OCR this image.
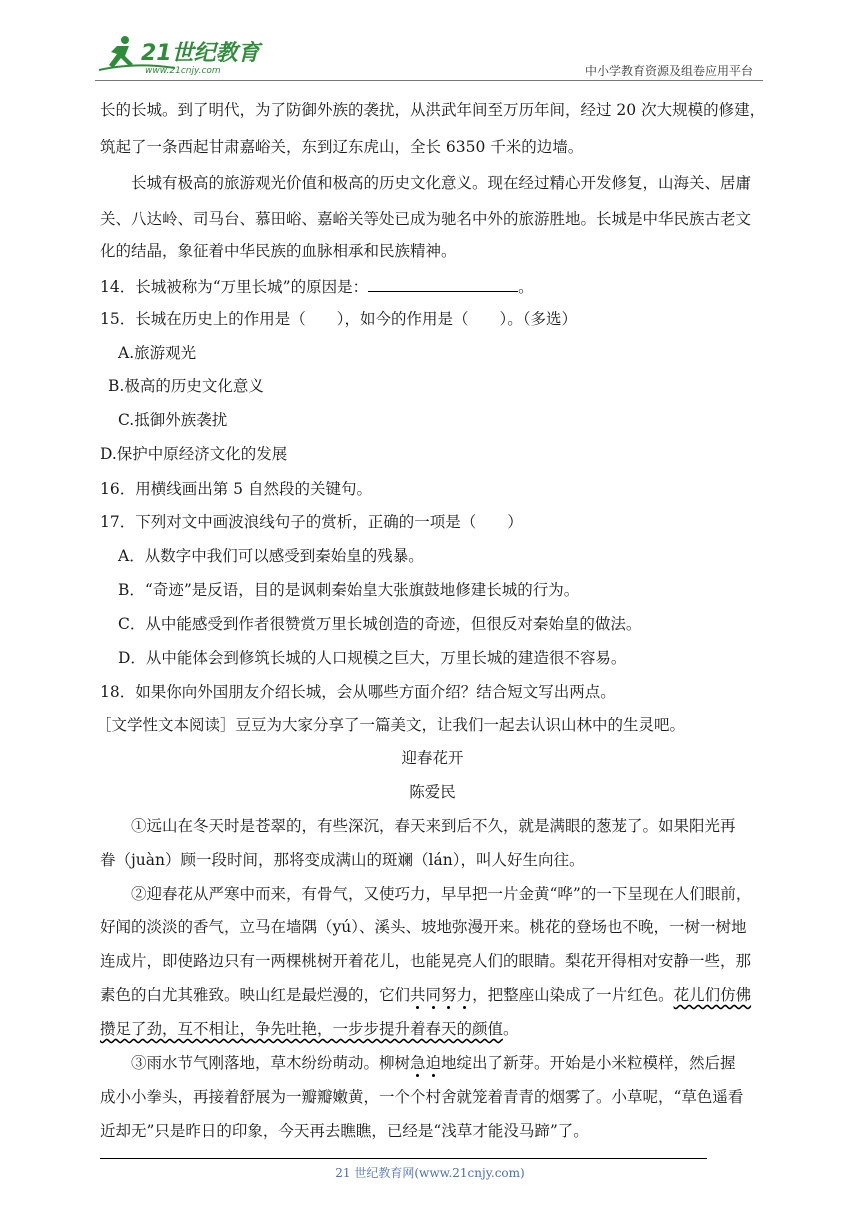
21世纪教育
www.21cnjy.com	中小学教育资源及组卷应用平台
长的长城。到了明代，为了防御外族的袭扰，从洪武年间至万历年间，经过 20 次大规模的修建，
筑起了一条西起甘肃嘉峪关，东到辽东虎山，全长 6350 千米的边墙。
长城有极高的旅游观光价值和极高的历史文化意义。现在经过精心开发修复，山海关、居庸
关、八达岭、司马台、慕田峪、嘉峪关等处已成为驰名中外的旅游胜地。长城是中华民族古老文
化的结晶，象征着中华民族的血脉相承和民族精神。
14．长城被称为“万里长城”的原因是：	。
15．长城在历史上的作用是（　　），如今的作用是（　　）。（多选）
A.旅游观光
B.极高的历史文化意义
C.抵御外族袭扰
D.保护中原经济文化的发展
16．用横线画出第 5 自然段的关键句。
17．下列对文中画波浪线句子的赏析，正确的一项是（　　）
A．从数字中我们可以感受到秦始皇的残暴。
B．“奇迹”是反语，目的是讽刺秦始皇大张旗鼓地修建长城的行为。
C．从中能感受到作者很赞赏万里长城创造的奇迹，但很反对秦始皇的做法。
D．从中能体会到修筑长城的人口规模之巨大，万里长城的建造很不容易。
18．如果你向外国朋友介绍长城，会从哪些方面介绍？结合短文写出两点。
［文学性文本阅读］豆豆为大家分享了一篇美文，让我们一起去认识山林中的生灵吧。
迎春花开
陈爱民
①远山在冬天时是苍翠的，有些深沉，春天来到后不久，就是满眼的葱茏了。如果阳光再
眷（juàn）顾一段时间，那将变成满山的斑斓（lán），叫人好生向往。
②迎春花从严寒中而来，有骨气，又使巧力，早早把一片金黄“哗”的一下呈现在人们眼前，
好闻的淡淡的香气，立马在墙隅（yú）、溪头、坡地弥漫开来。桃花的登场也不晚，一树一树地
连成片，即使路边只有一两棵桃树开着花儿，也能晃亮人们的眼睛。梨花开得相对安静一些，那
素色的白尤其雅致。映山红是最烂漫的，它们共同努力，把整座山染成了一片红色。花儿们仿佛
攒足了劲，互不相让，争先吐艳，一步步提升着春天的颜值。
③雨水节气刚落地，草木纷纷萌动。柳树急迫地绽出了新芽。开始是小米粒模样，然后握
成小小拳头，再接着舒展为一瓣瓣嫩黄，一个个村舍就笼着青青的烟雾了。小草呢，“草色遥看
近却无”只是昨日的印象，今天再去瞧瞧，已经是“浅草才能没马蹄”了。
21 世纪教育网(www.21cnjy.com)
